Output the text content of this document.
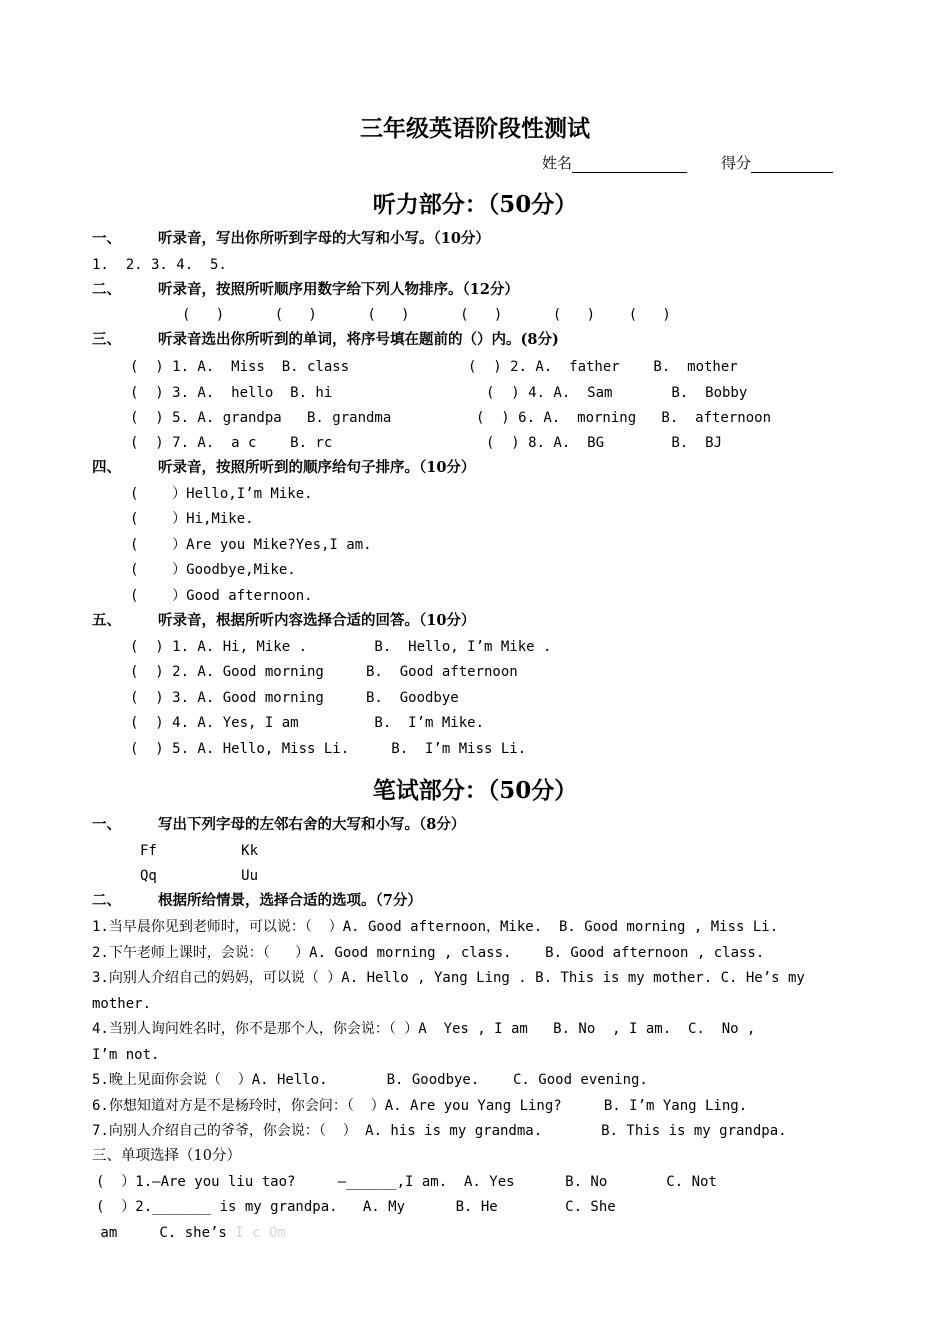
三年级英语阶段性测试
姓名	得分
听力部分：（50分）
一、	听录音，写出你所听到字母的大写和小写。（10分）
1.  2. 3. 4.  5.
二、	听录音，按照所听顺序用数字给下列人物排序。（12分）
(   )      (   )      (   )      (   )      (   )    (   )
三、	听录音选出你所听到的单词，将序号填在题前的（）内。(8分)
(  ) 1. A.  Miss  B. class	(  ) 2. A.  father    B.  mother
(  ) 3. A.  hello  B. hi	(  ) 4. A.  Sam       B.  Bobby
(  ) 5. A. grandpa   B. grandma	(  ) 6. A.  morning   B.  afternoon
(  ) 7. A.  a c    B. rc	(  ) 8. A.  BG        B.  BJ
四、	听录音，按照所听到的顺序给句子排序。（10分）
(    ）Hello,I’m Mike.
(    ）Hi,Mike.
(    ）Are you Mike?Yes,I am.
(    ）Goodbye,Mike.
(    ）Good afternoon.
五、	听录音，根据所听内容选择合适的回答。（10分）
(  ) 1. A. Hi, Mike .        B.  Hello, I’m Mike .
(  ) 2. A. Good morning     B.  Good afternoon
(  ) 3. A. Good morning     B.  Goodbye
(  ) 4. A. Yes, I am         B.  I’m Mike.
(  ) 5. A. Hello, Miss Li.     B.  I’m Miss Li.
笔试部分：（50分）
一、	写出下列字母的左邻右舍的大写和小写。（8分）
Ff          Kk
Qq          Uu
二、	根据所给情景，选择合适的选项。（7分）
1.当早晨你见到老师时，可以说：（  ）A. Good afternoon，Mike.  B. Good morning , Miss Li.
2.下午老师上课时，会说：（   ）A. Good morning , class.    B. Good afternoon , class.
3.向别人介绍自己的妈妈，可以说（ ）A. Hello , Yang Ling . B. This is my mother. C. He’s my
mother.
4.当别人询问姓名时，你不是那个人，你会说：（ ）A  Yes , I am   B. No  , I am.  C.  No ,
I’m not.
5.晚上见面你会说（  ）A. Hello.       B. Goodbye.    C. Good evening.
6.你想知道对方是不是杨玲时，你会问：（  ）A. Are you Yang Ling?     B. I’m Yang Ling.
7.向别人介绍自己的爷爷，你会说：（  ） A. his is my grandma.       B. This is my grandpa.
三、单项选择（10分）
(  ）1.—Are you liu tao?     —______,I am.  A. Yes      B. No       C. Not
(  ）2._______ is my grandpa.   A. My      B. He        C. She
am     C. she’s I c Om
